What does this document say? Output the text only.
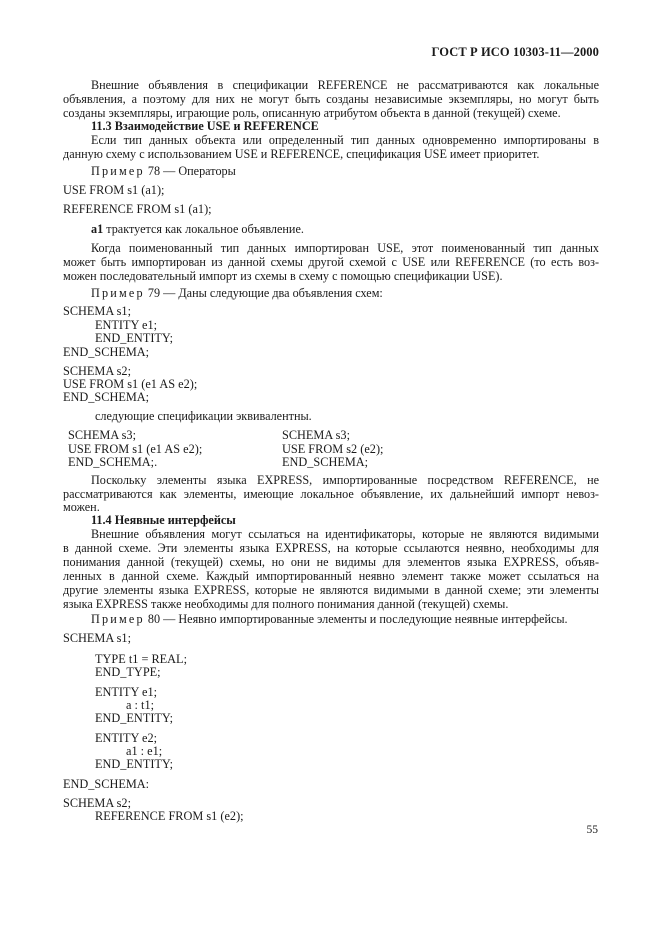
ГОСТ Р ИСО 10303-11—2000
Внешние объявления в спецификации REFERENCE не рассматриваются как локальные
объявления, а поэтому для них не могут быть созданы независимые экземпляры, но могут быть
созданы экземпляры, играющие роль, описанную атрибутом объекта в данной (текущей) схеме.
11.3 Взаимодействие USE и REFERENCE
Если тип данных объекта или определенный тип данных одновременно импортированы в
данную схему с использованием USE и REFERENCE, спецификация USE имеет приоритет.
Пример 78 — Операторы
USE FROM s1 (a1);
REFERENCE FROM s1 (a1);
a1 трактуется как локальное объявление.
Когда поименованный тип данных импортирован USE, этот поименованный тип данных
может быть импортирован из данной схемы другой схемой с USE или REFERENCE (то есть воз-
можен последовательный импорт из схемы в схему с помощью спецификации USE).
Пример 79 — Даны следующие два объявления схем:
SCHEMA s1;
ENTITY e1;
END_ENTITY;
END_SCHEMA;
SCHEMA s2;
USE FROM s1 (e1 AS e2);
END_SCHEMA;
следующие спецификации эквивалентны.
SCHEMA s3;
USE FROM s1 (e1 AS e2);
END_SCHEMA;.
SCHEMA s3;
USE FROM s2 (e2);
END_SCHEMA;
Поскольку элементы языка EXPRESS, импортированные посредством REFERENCE, не
рассматриваются как элементы, имеющие локальное объявление, их дальнейший импорт невоз-
можен.
11.4 Неявные интерфейсы
Внешние объявления могут ссылаться на идентификаторы, которые не являются видимыми
в данной схеме. Эти элементы языка EXPRESS, на которые ссылаются неявно, необходимы для
понимания данной (текущей) схемы, но они не видимы для элементов языка EXPRESS, объяв-
ленных в данной схеме. Каждый импортированный неявно элемент также может ссылаться на
другие элементы языка EXPRESS, которые не являются видимыми в данной схеме; эти элементы
языка EXPRESS также необходимы для полного понимания данной (текущей) схемы.
Пример 80 — Неявно импортированные элементы и последующие неявные интерфейсы.
SCHEMA s1;
TYPE t1 = REAL;
END_TYPE;
ENTITY e1;
a : t1;
END_ENTITY;
ENTITY e2;
a1 : e1;
END_ENTITY;
END_SCHEMA:
SCHEMA s2;
REFERENCE FROM s1 (e2);
55
